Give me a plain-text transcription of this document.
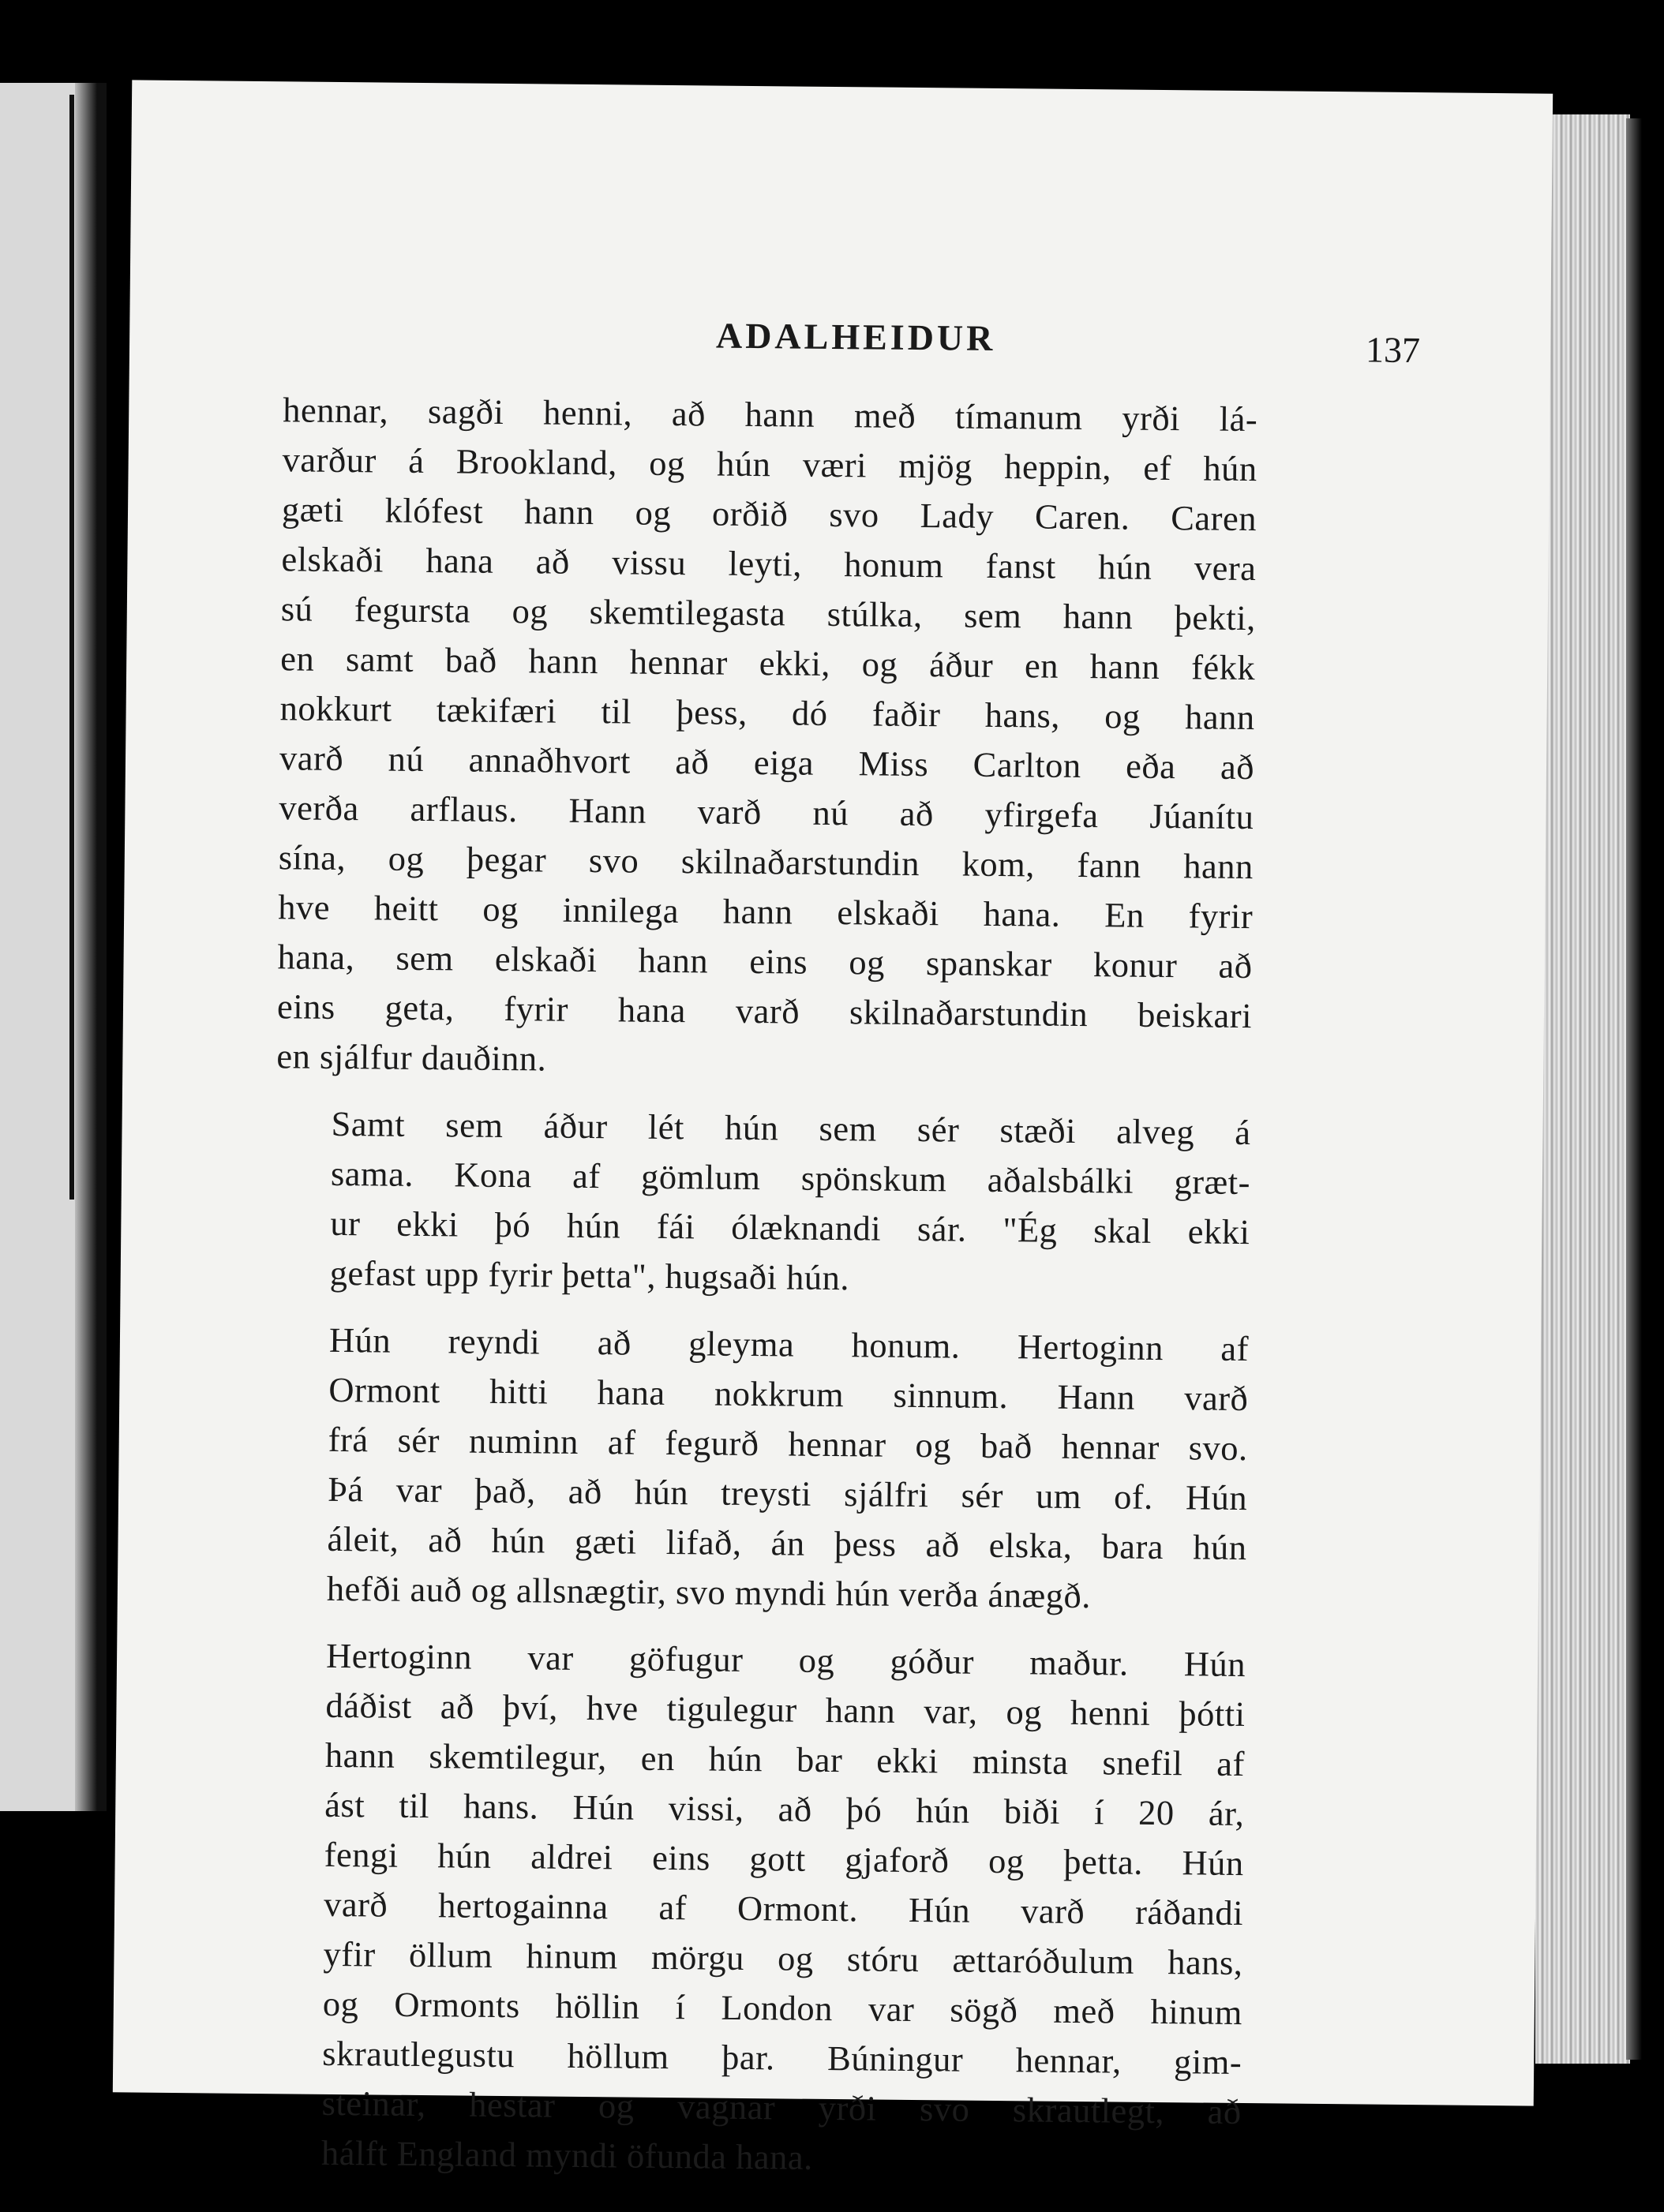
ADALHEIDUR	137
hennar, sagði henni, að hann með tímanum yrði lá-
varður á Brookland, og hún væri mjög heppin, ef hún
gæti klófest hann og orðið svo Lady Caren. Caren
elskaði hana að vissu leyti, honum fanst hún vera
sú fegursta og skemtilegasta stúlka, sem hann þekti,
en samt bað hann hennar ekki, og áður en hann fékk
nokkurt tækifæri til þess, dó faðir hans, og hann
varð nú annaðhvort að eiga Miss Carlton eða að
verða arflaus. Hann varð nú að yfirgefa Júanítu
sína, og þegar svo skilnaðarstundin kom, fann hann
hve heitt og innilega hann elskaði hana. En fyrir
hana, sem elskaði hann eins og spanskar konur að
eins geta, fyrir hana varð skilnaðarstundin beiskari
en sjálfur dauðinn.
Samt sem áður lét hún sem sér stæði alveg á
sama. Kona af gömlum spönskum aðalsbálki græt-
ur ekki þó hún fái ólæknandi sár. "Ég skal ekki
gefast upp fyrir þetta", hugsaði hún.
Hún reyndi að gleyma honum. Hertoginn af
Ormont hitti hana nokkrum sinnum. Hann varð
frá sér numinn af fegurð hennar og bað hennar svo.
Þá var það, að hún treysti sjálfri sér um of. Hún
áleit, að hún gæti lifað, án þess að elska, bara hún
hefði auð og allsnægtir, svo myndi hún verða ánægð.
Hertoginn var göfugur og góður maður. Hún
dáðist að því, hve tigulegur hann var, og henni þótti
hann skemtilegur, en hún bar ekki minsta snefil af
ást til hans. Hún vissi, að þó hún biði í 20 ár,
fengi hún aldrei eins gott gjaforð og þetta. Hún
varð hertogainna af Ormont. Hún varð ráðandi
yfir öllum hinum mörgu og stóru ættaróðulum hans,
og Ormonts höllin í London var sögð með hinum
skrautlegustu höllum þar. Búningur hennar, gim-
steinar, hestar og vagnar yrði svo skrautlegt, að
hálft England myndi öfunda hana.
